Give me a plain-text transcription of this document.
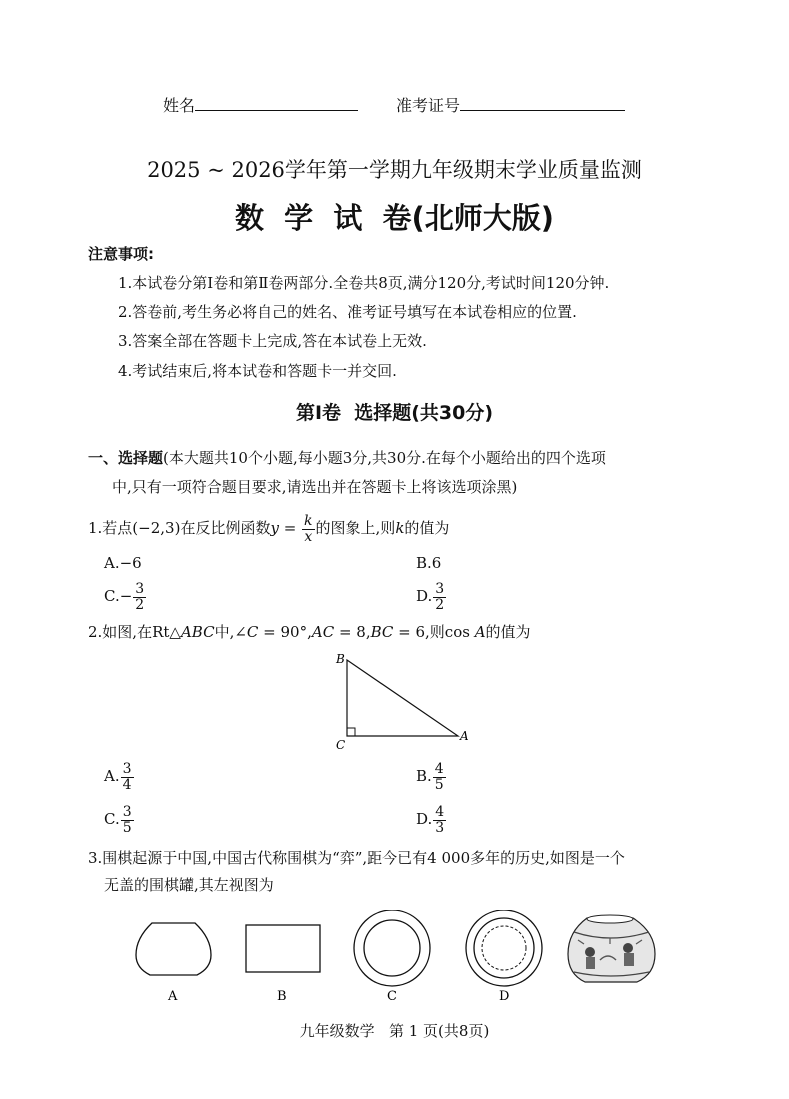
姓名	准考证号
2025 ~ 2026学年第一学期九年级期末学业质量监测
数  学  试  卷(北师大版)
注意事项:
1.本试卷分第Ⅰ卷和第Ⅱ卷两部分.全卷共8页,满分120分,考试时间120分钟.
2.答卷前,考生务必将自己的姓名、准考证号填写在本试卷相应的位置.
3.答案全部在答题卡上完成,答在本试卷上无效.
4.考试结束后,将本试卷和答题卡一并交回.
第Ⅰ卷  选择题(共30分)
一、选择题(本大题共10个小题,每小题3分,共30分.在每个小题给出的四个选项
中,只有一项符合题目要求,请选出并在答题卡上将该选项涂黑)
1.若点(−2,3)在反比例函数$y = \frac{k}{x}$ 的图象上,则k的值为
A.−6	B.6
$C.- \frac{3}{2}$	D. $\frac{3}{2}$
2.如图,在Rt△ABC中,∠C = 90°,AC = 8,BC = 6,则cos A的值为
B
C
A
A. $\frac{3}{4}$	B. $\frac{4}{5}$
C. $\frac{3}{5}$	D. $\frac{4}{3}$
3.围棋起源于中国,中国古代称围棋为“弈”,距今已有4 000多年的历史,如图是一个
无盖的围棋罐,其左视图为
A	B	C	D
九年级数学   第 1 页(共8页)
